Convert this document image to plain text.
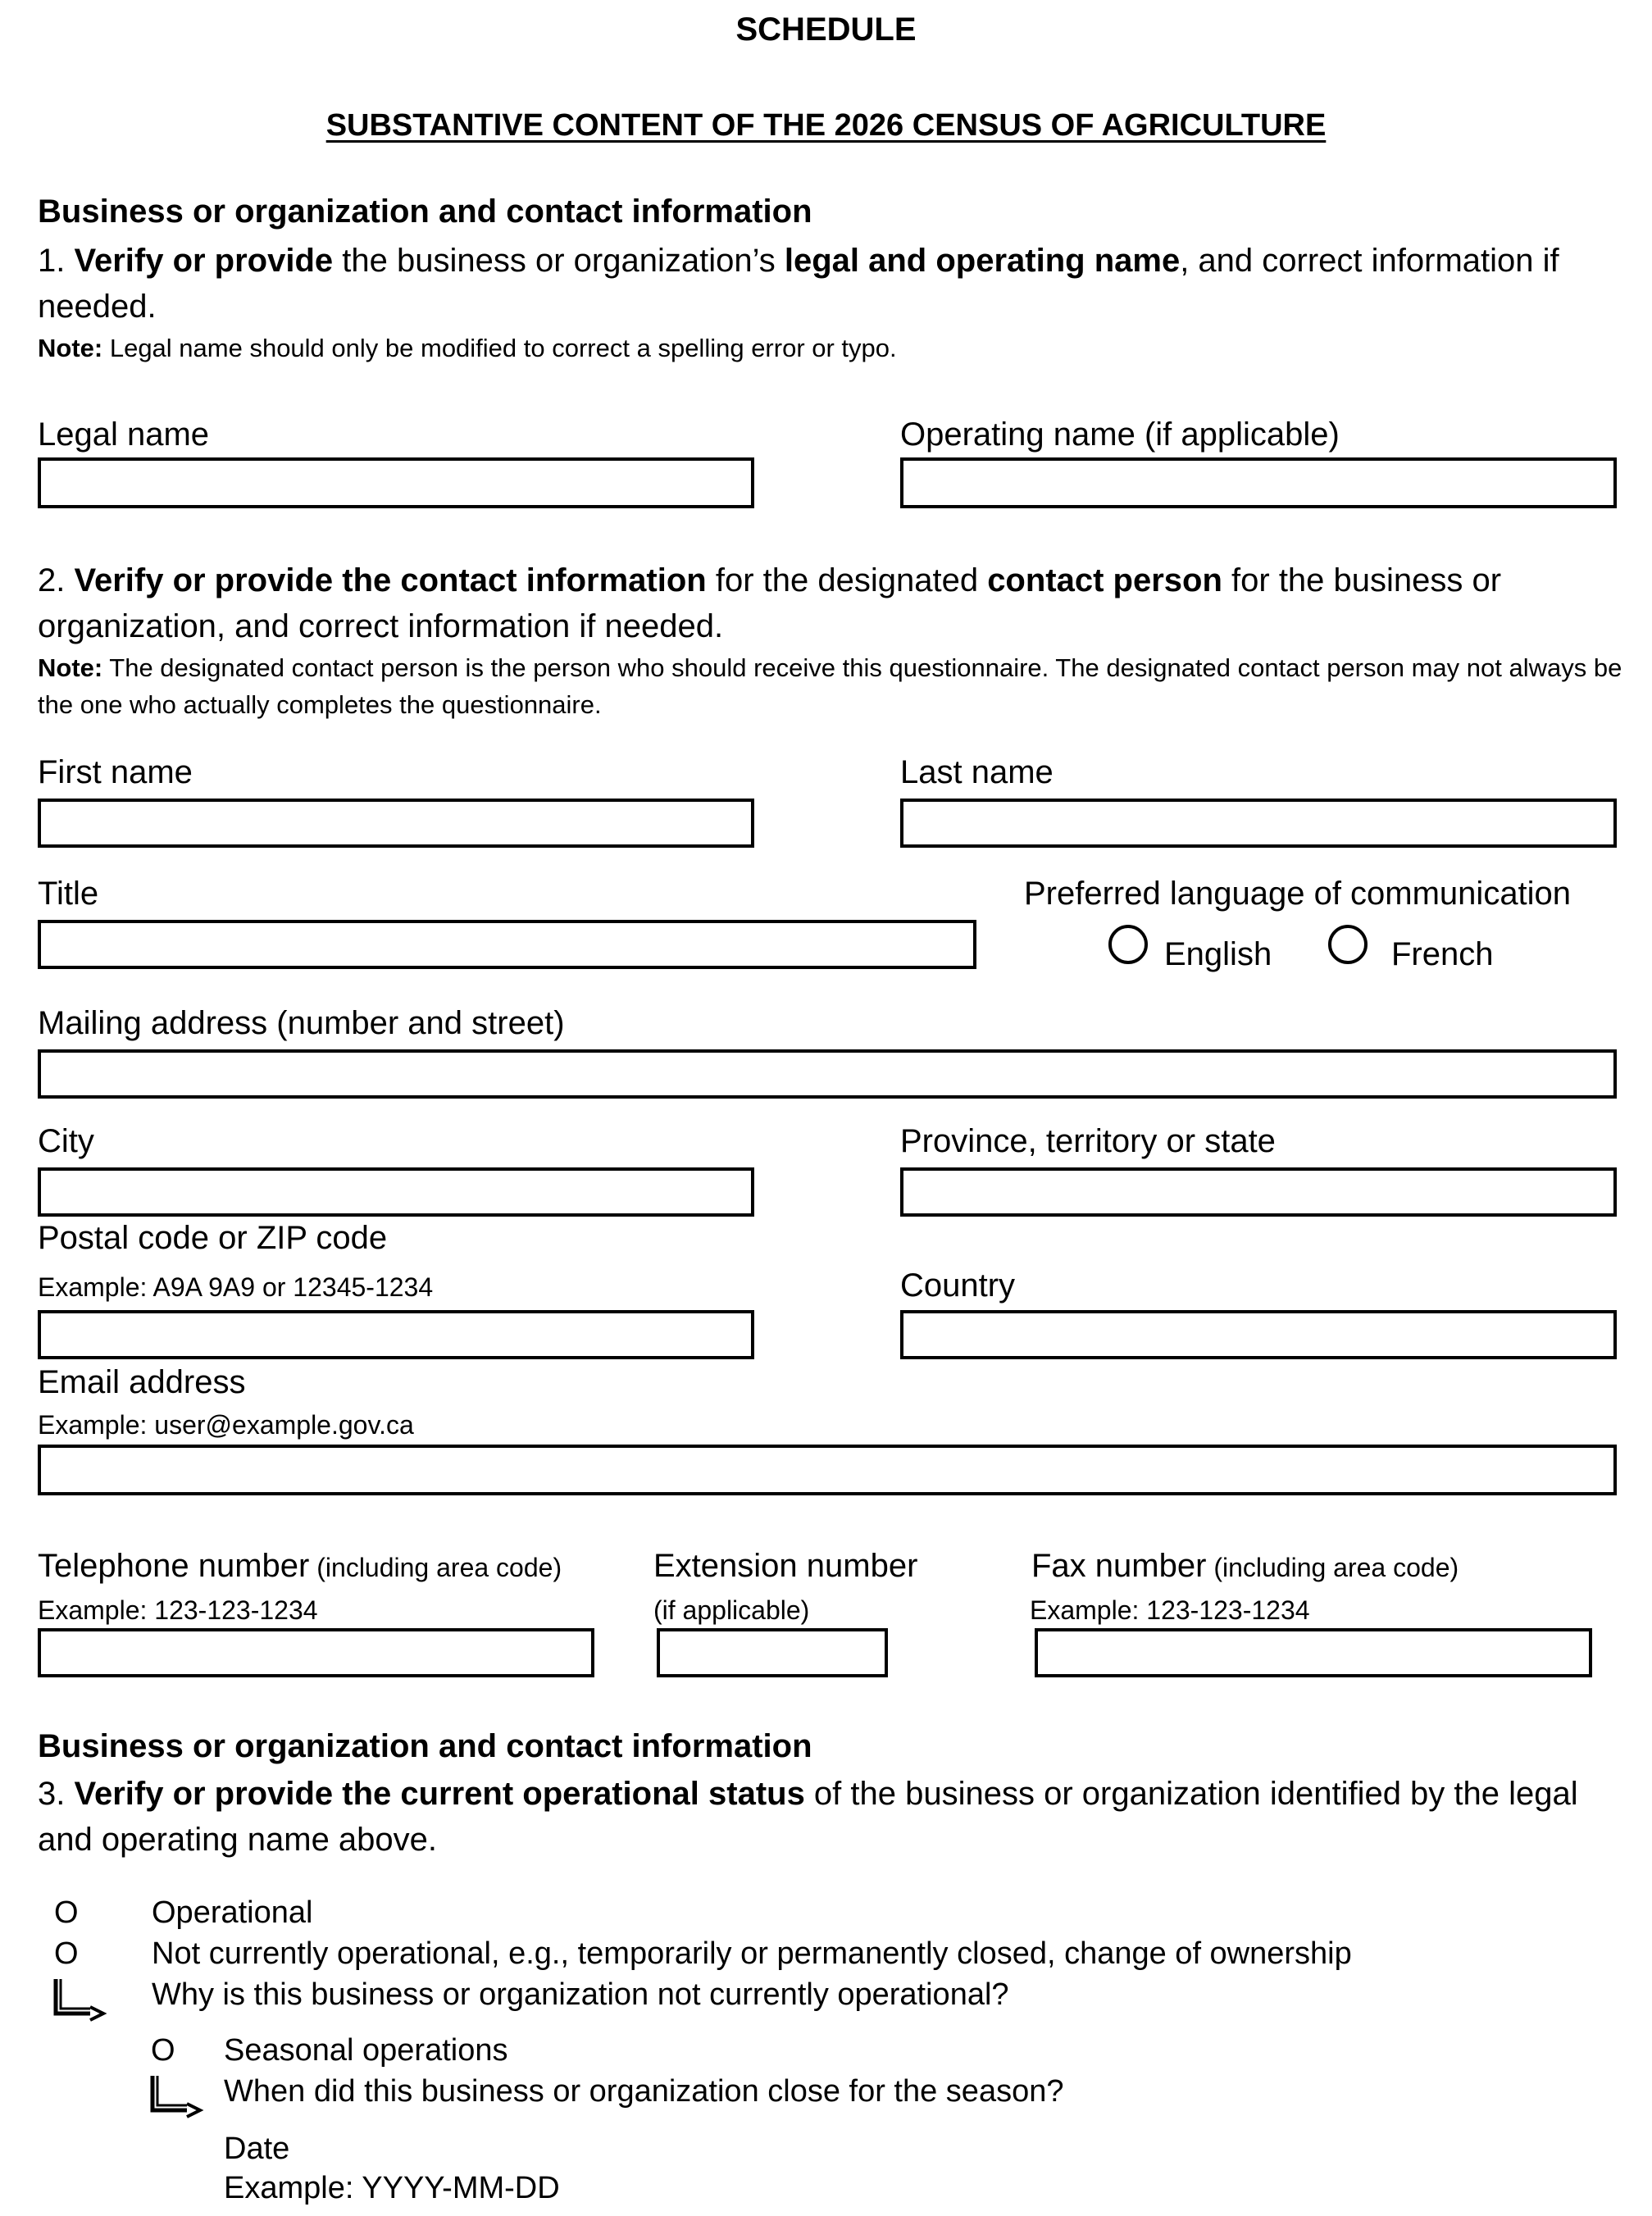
SCHEDULE
SUBSTANTIVE CONTENT OF THE 2026 CENSUS OF AGRICULTURE
Business or organization and contact information
1. Verify or provide the business or organization’s legal and operating name, and correct information if needed.
Note: Legal name should only be modified to correct a spelling error or typo.
Legal name	Operating name (if applicable)
2. Verify or provide the contact information for the designated contact person for the business or organization, and correct information if needed.
Note: The designated contact person is the person who should receive this questionnaire. The designated contact person may not always be the one who actually completes the questionnaire.
First name	Last name
Title	Preferred language of communication
English	French
Mailing address (number and street)
City	Province, territory or state
Postal code or ZIP code
Example: A9A 9A9 or 12345-1234	Country
Email address
Example: user@example.gov.ca
Telephone number (including area code)
Example: 123-123-1234
Extension number
(if applicable)
Fax number (including area code)
Example: 123-123-1234
Business or organization and contact information
3. Verify or provide the current operational status of the business or organization identified by the legal and operating name above.
O Operational
O Not currently operational, e.g., temporarily or permanently closed, change of ownership
Why is this business or organization not currently operational?
O Seasonal operations
When did this business or organization close for the season?
Date
Example: YYYY-MM-DD
